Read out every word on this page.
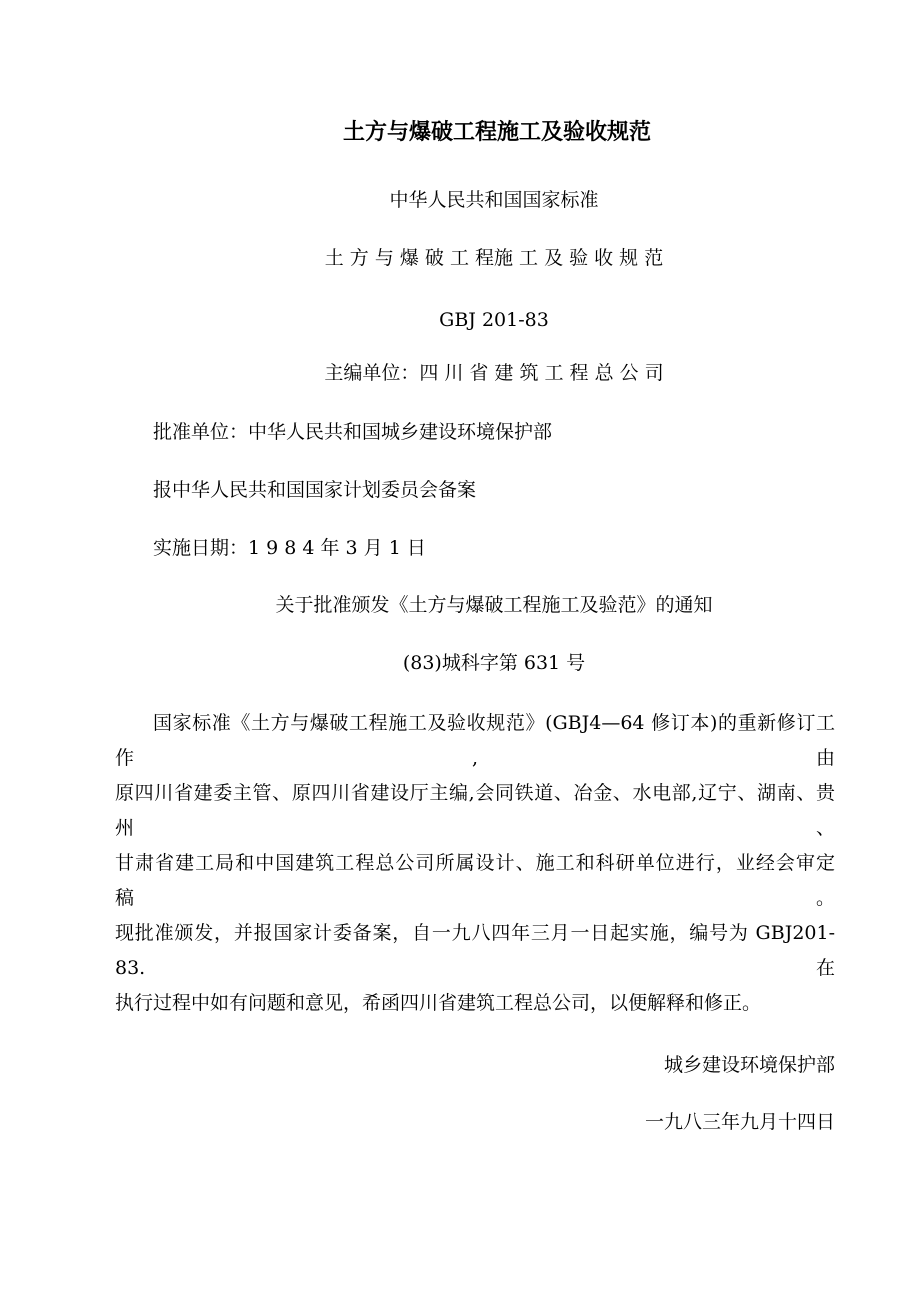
土方与爆破工程施工及验收规范

中华人民共和国国家标准

土 方 与 爆 破 工 程施 工 及 验 收 规 范

GBJ 201-83

主编单位：四 川 省 建 筑 工 程 总 公 司

批准单位：中华人民共和国城乡建设环境保护部

报中华人民共和国国家计划委员会备案

实施日期：1 9 8 4 年 3 月 1 日

关于批准颁发《土方与爆破工程施工及验范》的通知

(83)城科字第 631 号

国家标准《土方与爆破工程施工及验收规范》(GBJ4—64 修订本)的重新修订工作,由
原四川省建委主管、原四川省建设厅主编,会同铁道、冶金、水电部,辽宁、湖南、贵州、
甘肃省建工局和中国建筑工程总公司所属设计、施工和科研单位进行，业经会审定稿。
现批准颁发，并报国家计委备案，自一九八四年三月一日起实施，编号为 GBJ201-83.在
执行过程中如有问题和意见，希函四川省建筑工程总公司，以便解释和修正。

城乡建设环境保护部

一九八三年九月十四日
